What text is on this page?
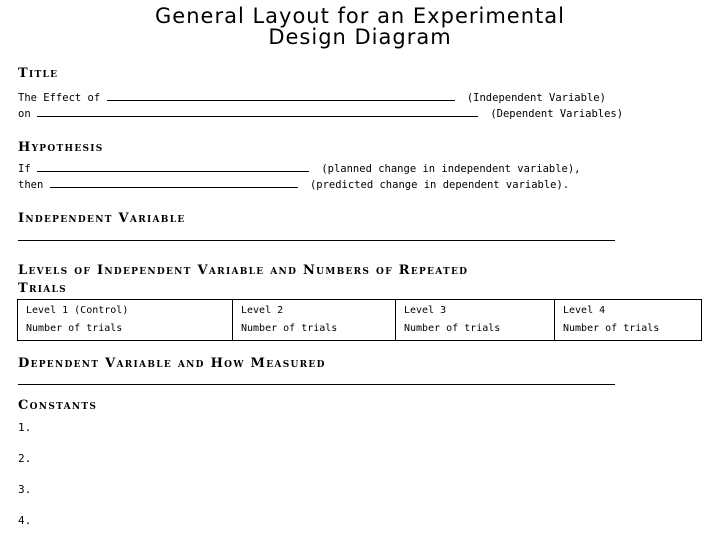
General Layout for an Experimental
Design Diagram
Title
The Effect of	(Independent Variable)
on	(Dependent Variables)
Hypothesis
If	(planned change in independent variable),
then	(predicted change in dependent variable).
Independent Variable
Levels of Independent Variable and Numbers of Repeated
Trials
Level 1 (Control)
Number of trials

Level 2
Number of trials

Level 3
Number of trials

Level 4
Number of trials
Dependent Variable and How Measured
Constants
1.
2.
3.
4.
